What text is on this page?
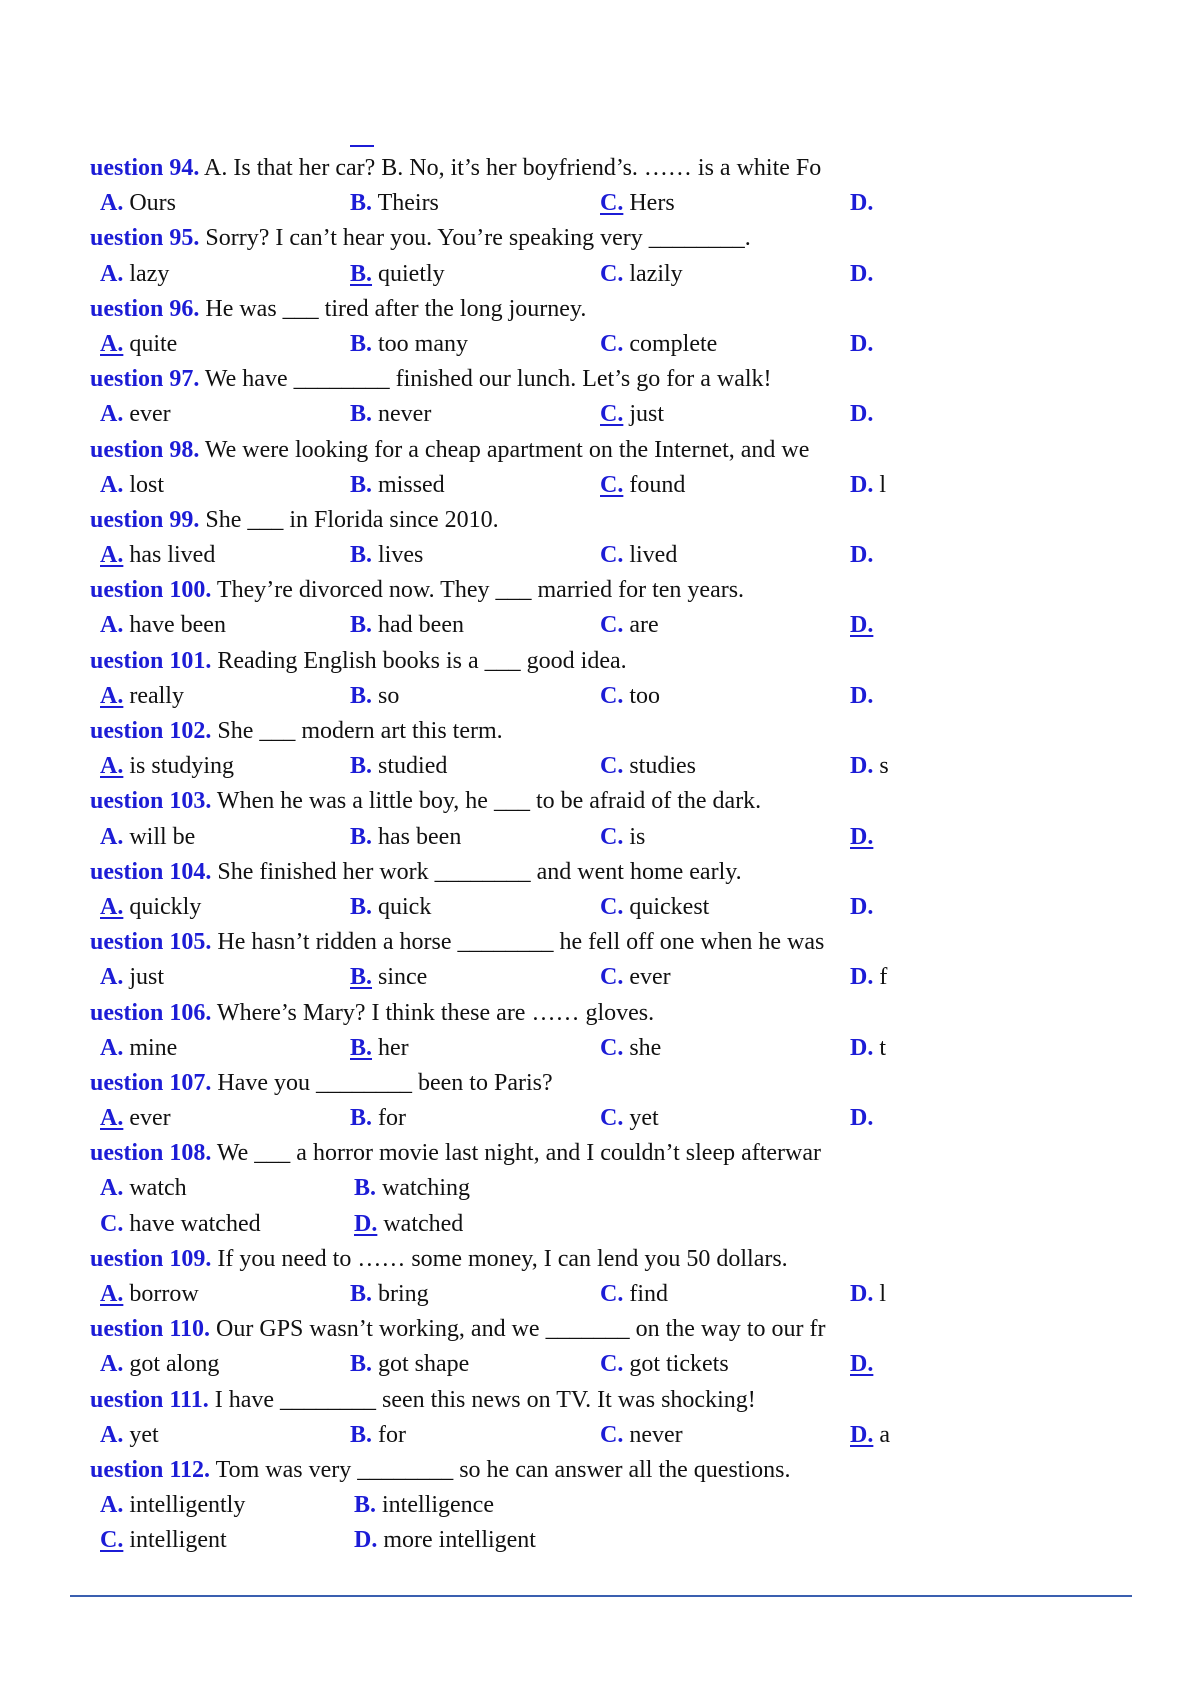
uestion 94. A. Is that her car? B. No, it’s her boyfriend’s. …… is a white Fo
A. Ours	B. Theirs	C. Hers	D.
uestion 95. Sorry? I can’t hear you. You’re speaking very ________.
A. lazy	B. quietly	C. lazily	D.
uestion 96. He was ___ tired after the long journey.
A. quite	B. too many	C. complete	D.
uestion 97. We have ________ finished our lunch. Let’s go for a walk!
A. ever	B. never	C. just	D.
uestion 98. We were looking for a cheap apartment on the Internet, and we
A. lost	B. missed	C. found	D. l
uestion 99. She ___ in Florida since 2010.
A. has lived	B. lives	C. lived	D.
uestion 100. They’re divorced now. They ___ married for ten years.
A. have been	B. had been	C. are	D.
uestion 101. Reading English books is a ___ good idea.
A. really	B. so	C. too	D.
uestion 102. She ___ modern art this term.
A. is studying	B. studied	C. studies	D. s
uestion 103. When he was a little boy, he ___ to be afraid of the dark.
A. will be	B. has been	C. is	D.
uestion 104. She finished her work ________ and went home early.
A. quickly	B. quick	C. quickest	D.
uestion 105. He hasn’t ridden a horse ________ he fell off one when he was
A. just	B. since	C. ever	D. f
uestion 106. Where’s Mary? I think these are …… gloves.
A. mine	B. her	C. she	D. t
uestion 107. Have you ________ been to Paris?
A. ever	B. for	C. yet	D.
uestion 108. We ___ a horror movie last night, and I couldn’t sleep afterwar
A. watch	B. watching
C. have watched	D. watched
uestion 109. If you need to …… some money, I can lend you 50 dollars.
A. borrow	B. bring	C. find	D. l
uestion 110. Our GPS wasn’t working, and we _______ on the way to our fr
A. got along	B. got shape	C. got tickets	D.
uestion 111. I have ________ seen this news on TV. It was shocking!
A. yet	B. for	C. never	D. a
uestion 112. Tom was very ________ so he can answer all the questions.
A. intelligently	B. intelligence
C. intelligent	D. more intelligent
